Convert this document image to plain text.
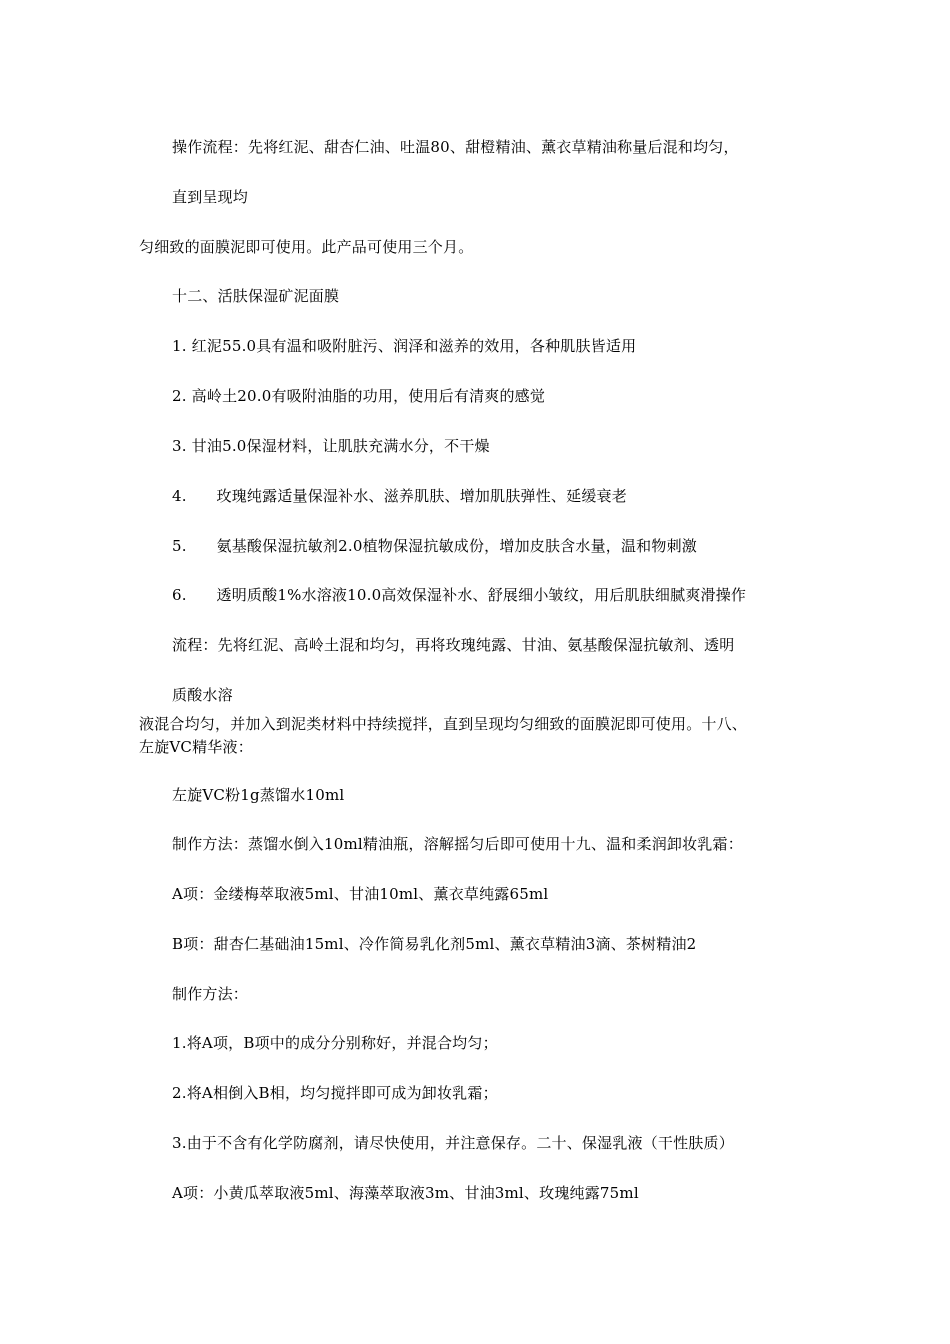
操作流程：先将红泥、甜杏仁油、吐温80、甜橙精油、薰衣草精油称量后混和均匀，
直到呈现均
匀细致的面膜泥即可使用。此产品可使用三个月。
十二、活肤保湿矿泥面膜
1. 红泥55.0具有温和吸附脏污、润泽和滋养的效用，各种肌肤皆适用
2. 高岭土20.0有吸附油脂的功用，使用后有清爽的感觉
3. 甘油5.0保湿材料，让肌肤充满水分，不干燥
4.      玫瑰纯露适量保湿补水、滋养肌肤、增加肌肤弹性、延缓衰老
5.      氨基酸保湿抗敏剂2.0植物保湿抗敏成份，增加皮肤含水量，温和物刺激
6.      透明质酸1%水溶液10.0高效保湿补水、舒展细小皱纹，用后肌肤细腻爽滑操作
流程：先将红泥、高岭土混和均匀，再将玫瑰纯露、甘油、氨基酸保湿抗敏剂、透明
质酸水溶
液混合均匀，并加入到泥类材料中持续搅拌，直到呈现均匀细致的面膜泥即可使用。十八、
左旋VC精华液：
左旋VC粉1g蒸馏水10ml
制作方法：蒸馏水倒入10ml精油瓶，溶解摇匀后即可使用十九、温和柔润卸妆乳霜：
A项：金缕梅萃取液5ml、甘油10ml、薰衣草纯露65ml
B项：甜杏仁基础油15ml、冷作简易乳化剂5ml、薰衣草精油3滴、茶树精油2
制作方法：
1.将A项，B项中的成分分别称好，并混合均匀；
2.将A相倒入B相，均匀搅拌即可成为卸妆乳霜；
3.由于不含有化学防腐剂，请尽快使用，并注意保存。二十、保湿乳液（干性肤质）
A项：小黄瓜萃取液5ml、海藻萃取液3m、甘油3ml、玫瑰纯露75ml
